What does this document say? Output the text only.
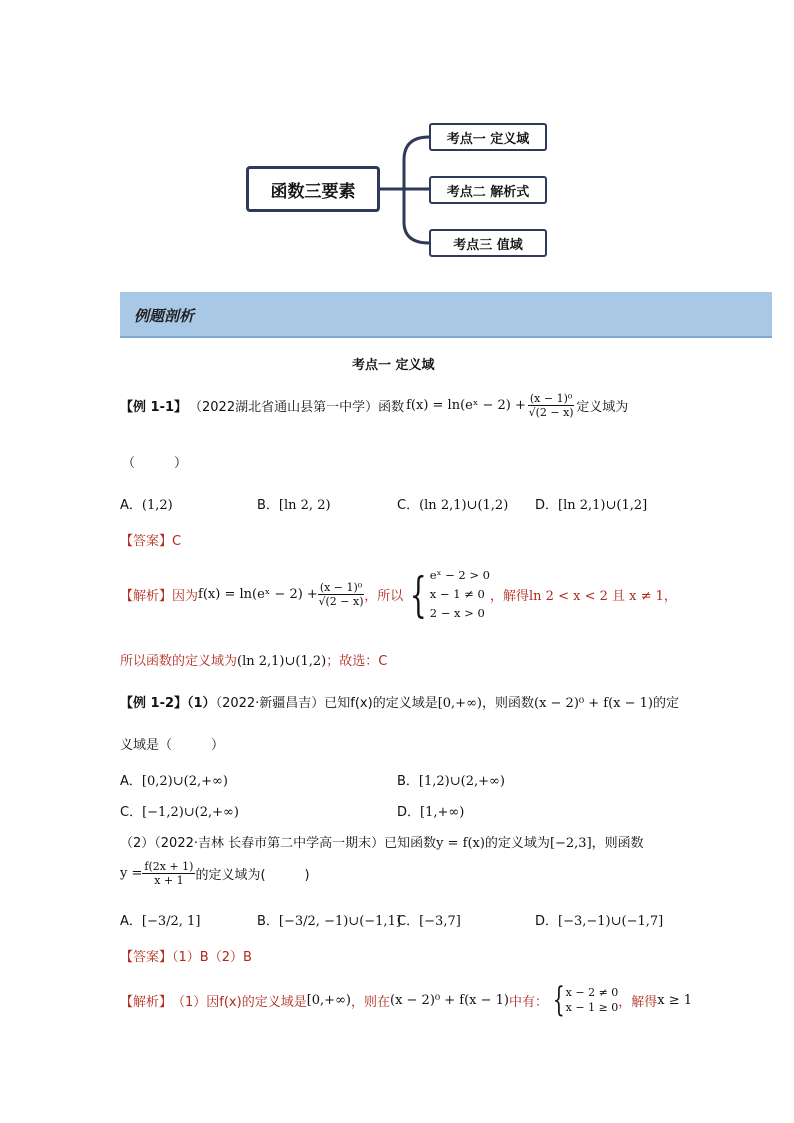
函数三要素
考点一 定义域
考点二 解析式
考点三 值域
例题剖析
考点一 定义域
【例 1-1】 （2022湖北省通山县第一中学）函数 f(x) = ln(eˣ − $2) + \frac{\text{(x − 1)⁰}}{√(2 - x)}$ 定义域为
（　　　）
A．(1,2)	B．[ln 2, 2)	C．(ln 2,1)∪(1,2) D．[ln 2,1)∪(1,2]
【答案】C
【解析】 因为 f(x) = ln(eˣ − $2) + \frac{\text{(x − 1)⁰}}{√(2 - x)}$ ，所以 { eˣ − 2 > 0
x − 1 ≠ 0
2 − x > 0
，解得 ln 2 < x < 2 且 x ≠ 1，
所以函数的定义域为(ln 2,1)∪(1,2)；故选：C
【例 1-2】（1）（2022·新疆昌吉）已知f(x)的定义域是[0,+∞)，则函数(x − 2)⁰ + f(x − 1)的定
义域是（　　　）
A．[0,2)∪(2,+∞)	B．[1,2)∪(2,+∞)
C．[−1,2)∪(2,+∞)	D．[1,+∞)
（2）（2022·吉林 长春市第二中学高一期末）已知函数y = f(x)的定义域为[−2,3]，则函数
$y = \frac{f(2x + 1)}{x + 1}$ 的定义域为(　　　)
A．[−3/2, 1]	B．[−3/2, −1)∪(−1,1]
C．[−3,7]	D．[−3,−1)∪(−1,7]
【答案】（1）B（2）B
【解析】 （1）因f(x)的定义域是 [0,+∞) ，则在 (x − 2)⁰ + f(x − 1) 中有： { x − 2 ≠ 0
x − 1 ≥ 0 ，解得 x ≥ 1
